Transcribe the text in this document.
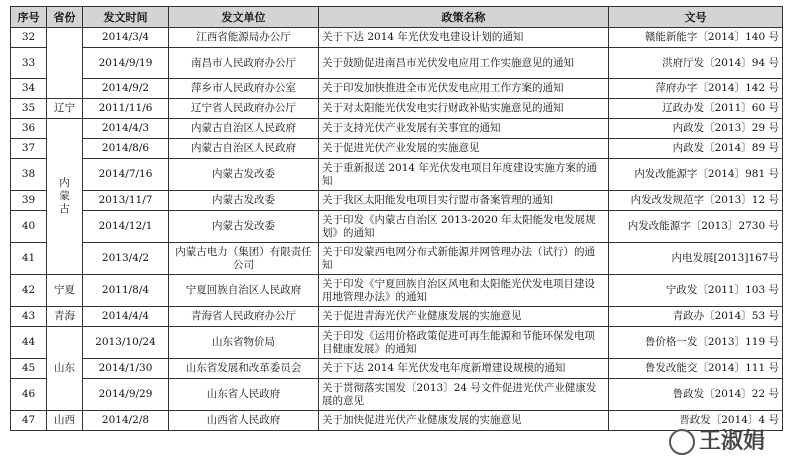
序号	省份	发文时间	发文单位	政策名称	文号
32		2014/3/4	江西省能源局办公厅	关于下达 2014 年光伏发电建设计划的通知	赣能新能字〔2014〕140 号
33		2014/9/19	南昌市人民政府办公厅	关于鼓励促进南昌市光伏发电应用工作实施意见的通知	洪府厅发〔2014〕94 号
34		2014/9/2	萍乡市人民政府办公室	关于印发加快推进全市光伏发电应用工作方案的通知	萍府办字〔2014〕142 号
35	辽宁	2011/11/6	辽宁省人民政府办公厅	关于对太阳能光伏发电实行财政补贴实施意见的通知	辽政办发〔2011〕60 号
36	内蒙古	2014/4/3	内蒙古自治区人民政府	关于支持光伏产业发展有关事宜的通知	内政发〔2013〕29 号
37		2014/8/6	内蒙古自治区人民政府	关于促进光伏产业发展的实施意见	内政发〔2014〕89 号
38		2014/7/16	内蒙古发改委	关于重新报送 2014 年光伏发电项目年度建设实施方案的通知	内发改能源字〔2014〕981 号
39		2013/11/7	内蒙古发改委	关于我区太阳能发电项目实行盟市备案管理的通知	内发改发规范字〔2013〕12 号
40		2014/12/1	内蒙古发改委	关于印发《内蒙古自治区 2013-2020 年太阳能发电发展规划》的通知	内发改能源字〔2013〕2730 号
41		2013/4/2	内蒙古电力（集团）有限责任公司	关于印发蒙西电网分布式新能源并网管理办法（试行）的通知	内电发展[2013]167号
42	宁夏	2011/8/4	宁夏回族自治区人民政府	关于印发《宁夏回族自治区风电和太阳能光伏发电项目建设用地管理办法》的通知	宁政发〔2011〕103 号
43	青海	2014/4/4	青海省人民政府办公厅	关于促进青海光伏产业健康发展的实施意见	青政办〔2014〕53 号
44	山东	2013/10/24	山东省物价局	关于印发《运用价格政策促进可再生能源和节能环保发电项目健康发展》的通知	鲁价格一发〔2013〕119 号
45		2014/1/30	山东省发展和改革委员会	关于下达 2014 年光伏发电年度新增建设规模的通知	鲁发改能交〔2014〕111 号
46		2014/9/29	山东省人民政府	关于贯彻落实国发〔2013〕24 号文件促进光伏产业健康发展的意见	鲁政发〔2014〕22 号
47	山西	2014/2/8	山西省人民政府	关于加快促进光伏产业健康发展的实施意见	晋政发〔2014〕4 号
王淑娟
